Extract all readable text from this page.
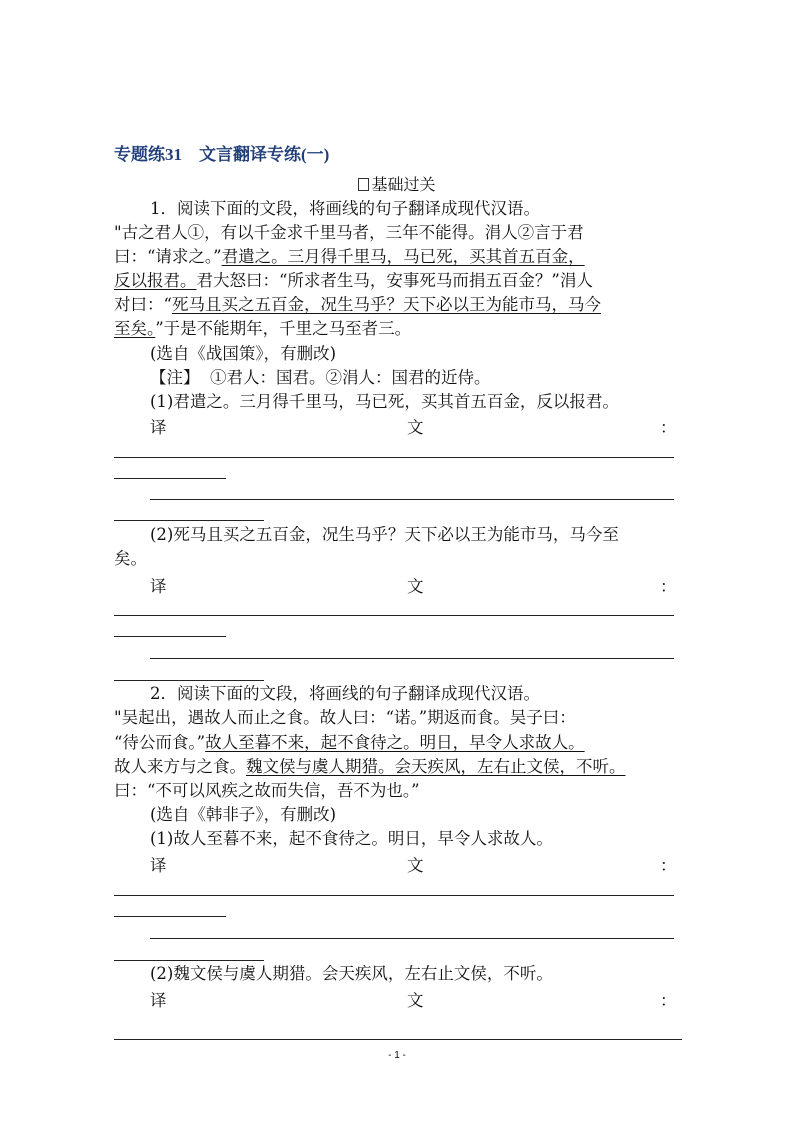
专题练31　文言翻译专练(一)
基础过关
1．阅读下面的文段，将画线的句子翻译成现代汉语。
"古之君人①，有以千金求千里马者，三年不能得。涓人②言于君
曰：“请求之。”君遣之。三月得千里马，马已死，买其首五百金，
反以报君。君大怒曰：“所求者生马，安事死马而捐五百金？”涓人
对曰：“死马且买之五百金，况生马乎？天下必以王为能市马，马今
至矣。”于是不能期年，千里之马至者三。
(选自《战国策》，有删改)
【注】 ①君人：国君。②涓人：国君的近侍。
(1)君遣之。三月得千里马，马已死，买其首五百金，反以报君。
译	文	：
(2)死马且买之五百金，况生马乎？天下必以王为能市马，马今至
矣。
译	文	：
2．阅读下面的文段，将画线的句子翻译成现代汉语。
"吴起出，遇故人而止之食。故人曰：“诺。”期返而食。吴子曰：
“待公而食。”故人至暮不来，起不食待之。明日，早令人求故人。
故人来方与之食。魏文侯与虞人期猎。会天疾风，左右止文侯，不听。
曰：“不可以风疾之故而失信，吾不为也。”
(选自《韩非子》，有删改)
(1)故人至暮不来，起不食待之。明日，早令人求故人。
译	文	：
(2)魏文侯与虞人期猎。会天疾风，左右止文侯，不听。
译	文	：
- 1 -
